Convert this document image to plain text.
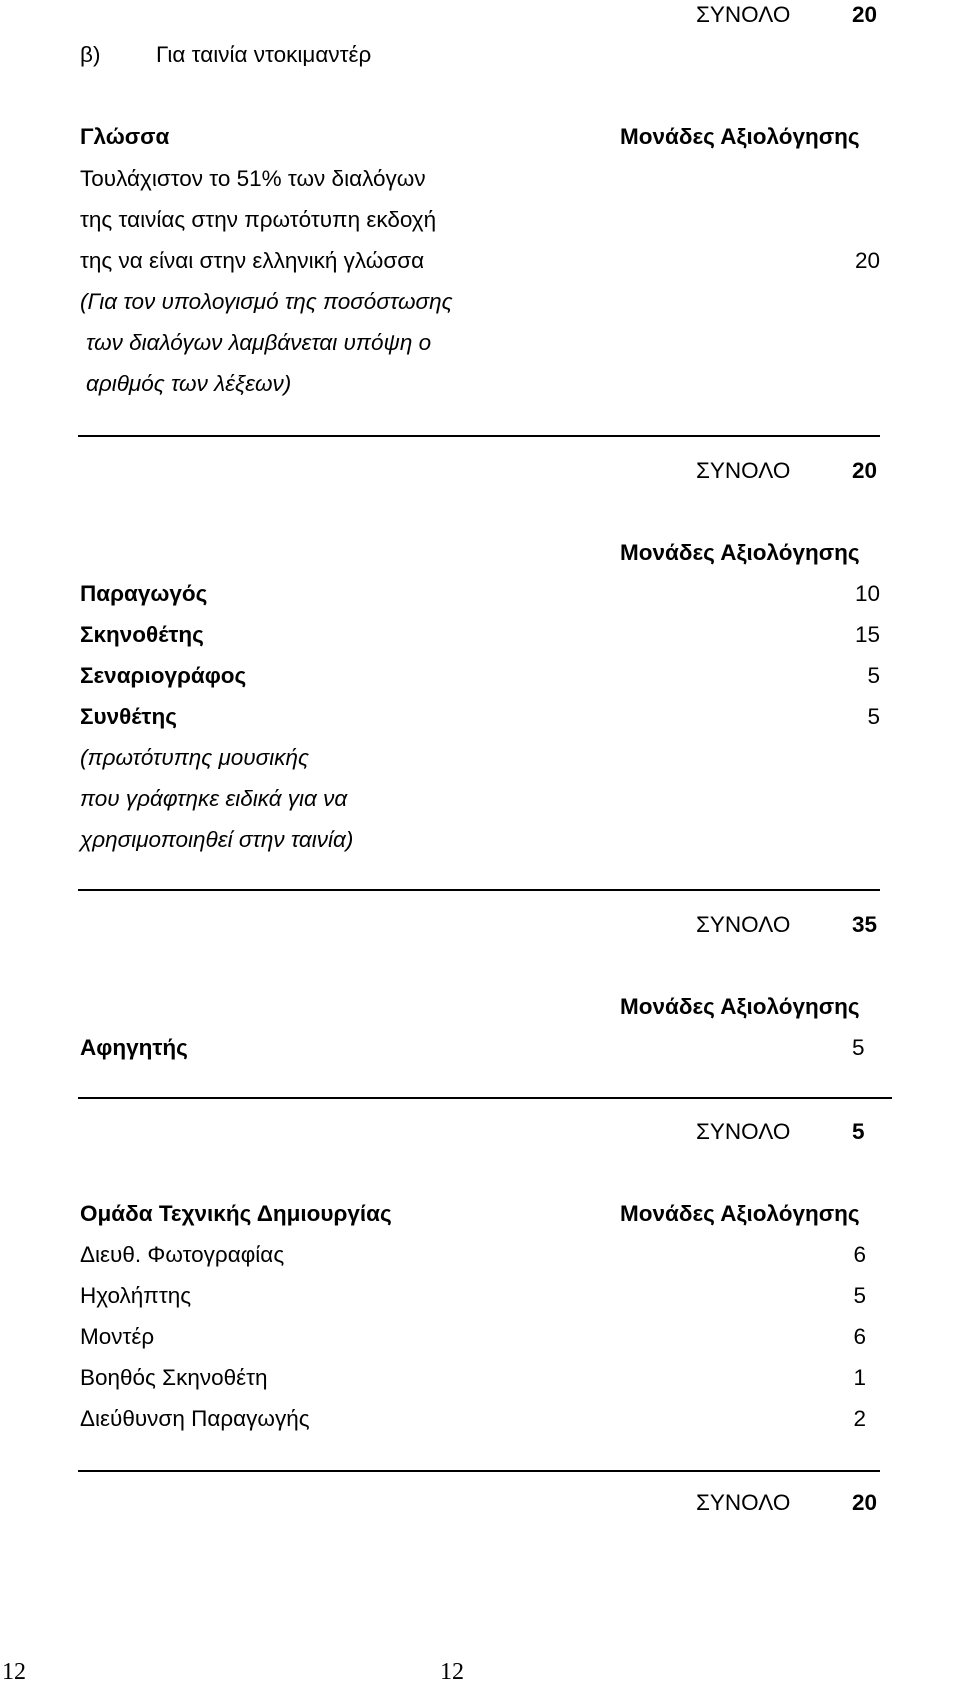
ΣΥΝΟΛΟ	20
β) Για ταινία ντοκιμαντέρ
Γλώσσα	Μονάδες Αξιολόγησης
Τουλάχιστον το 51% των διαλόγων
της ταινίας στην πρωτότυπη εκδοχή
της να είναι στην ελληνική γλώσσα	20
(Για τον υπολογισμό της ποσόστωσης
των διαλόγων λαμβάνεται υπόψη ο
αριθμός των λέξεων)
ΣΥΝΟΛΟ	20
Μονάδες Αξιολόγησης
Παραγωγός	10
Σκηνοθέτης	15
Σεναριογράφος	5
Συνθέτης	5
(πρωτότυπης μουσικής
που γράφτηκε ειδικά για να
χρησιμοποιηθεί στην ταινία)
ΣΥΝΟΛΟ	35
Μονάδες Αξιολόγησης
Αφηγητής	5
ΣΥΝΟΛΟ	5
Ομάδα Τεχνικής Δημιουργίας	Μονάδες Αξιολόγησης
Διευθ. Φωτογραφίας	6
Ηχολήπτης	5
Μοντέρ	6
Βοηθός Σκηνοθέτη	1
Διεύθυνση Παραγωγής	2
ΣΥΝΟΛΟ	20
12	12
